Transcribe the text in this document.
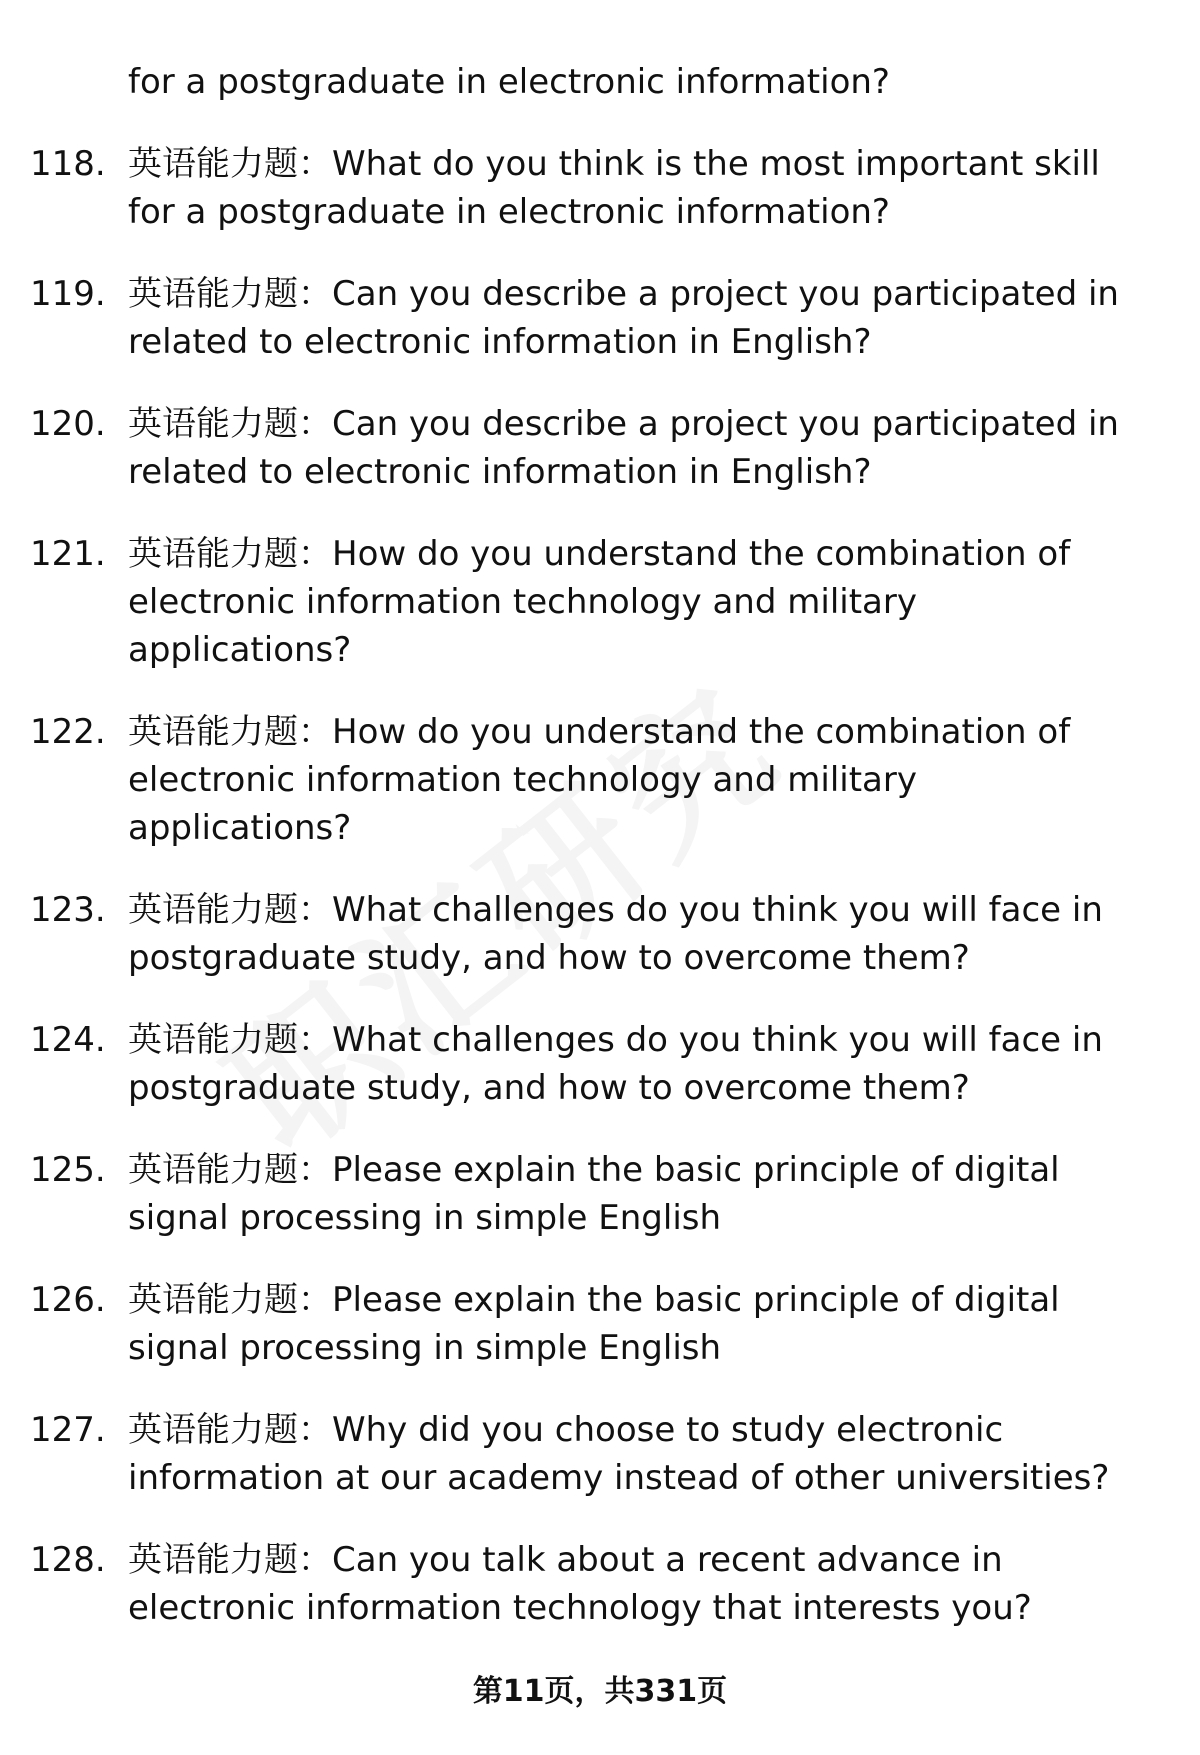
for a postgraduate in electronic information?
118. 英语能力题：What do you think is the most important skill for a postgraduate in electronic information?
119. 英语能力题：Can you describe a project you participated in related to electronic information in English?
120. 英语能力题：Can you describe a project you participated in related to electronic information in English?
121. 英语能力题：How do you understand the combination of electronic information technology and military applications?
122. 英语能力题：How do you understand the combination of electronic information technology and military applications?
123. 英语能力题：What challenges do you think you will face in postgraduate study, and how to overcome them?
124. 英语能力题：What challenges do you think you will face in postgraduate study, and how to overcome them?
125. 英语能力题：Please explain the basic principle of digital signal processing in simple English
126. 英语能力题：Please explain the basic principle of digital signal processing in simple English
127. 英语能力题：Why did you choose to study electronic information at our academy instead of other universities?
128. 英语能力题：Can you talk about a recent advance in electronic information technology that interests you?
第11页，共331页
